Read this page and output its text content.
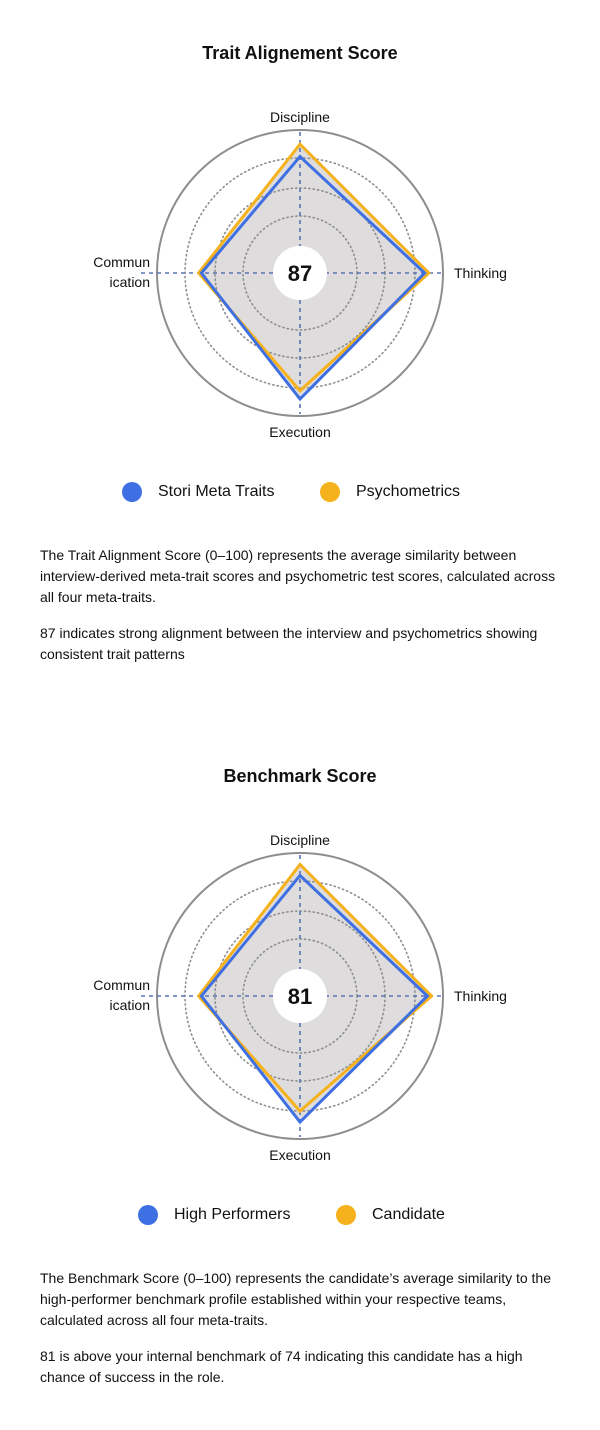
Trait Alignement Score
87
Discipline
Thinking
Execution
Commun
ication
Stori Meta Traits	Psychometrics

The Trait Alignment Score (0–100) represents the average similarity between interview-derived meta-trait scores and psychometric test scores, calculated across all four meta-traits.

87 indicates strong alignment between the interview and psychometrics showing consistent trait patterns

Benchmark Score
81
Discipline
Thinking
Execution
Commun
ication
High Performers	Candidate

The Benchmark Score (0–100) represents the candidate’s average similarity to the high-performer benchmark profile established within your respective teams, calculated across all four meta-traits.

81 is above your internal benchmark of 74 indicating this candidate has a high chance of success in the role.
